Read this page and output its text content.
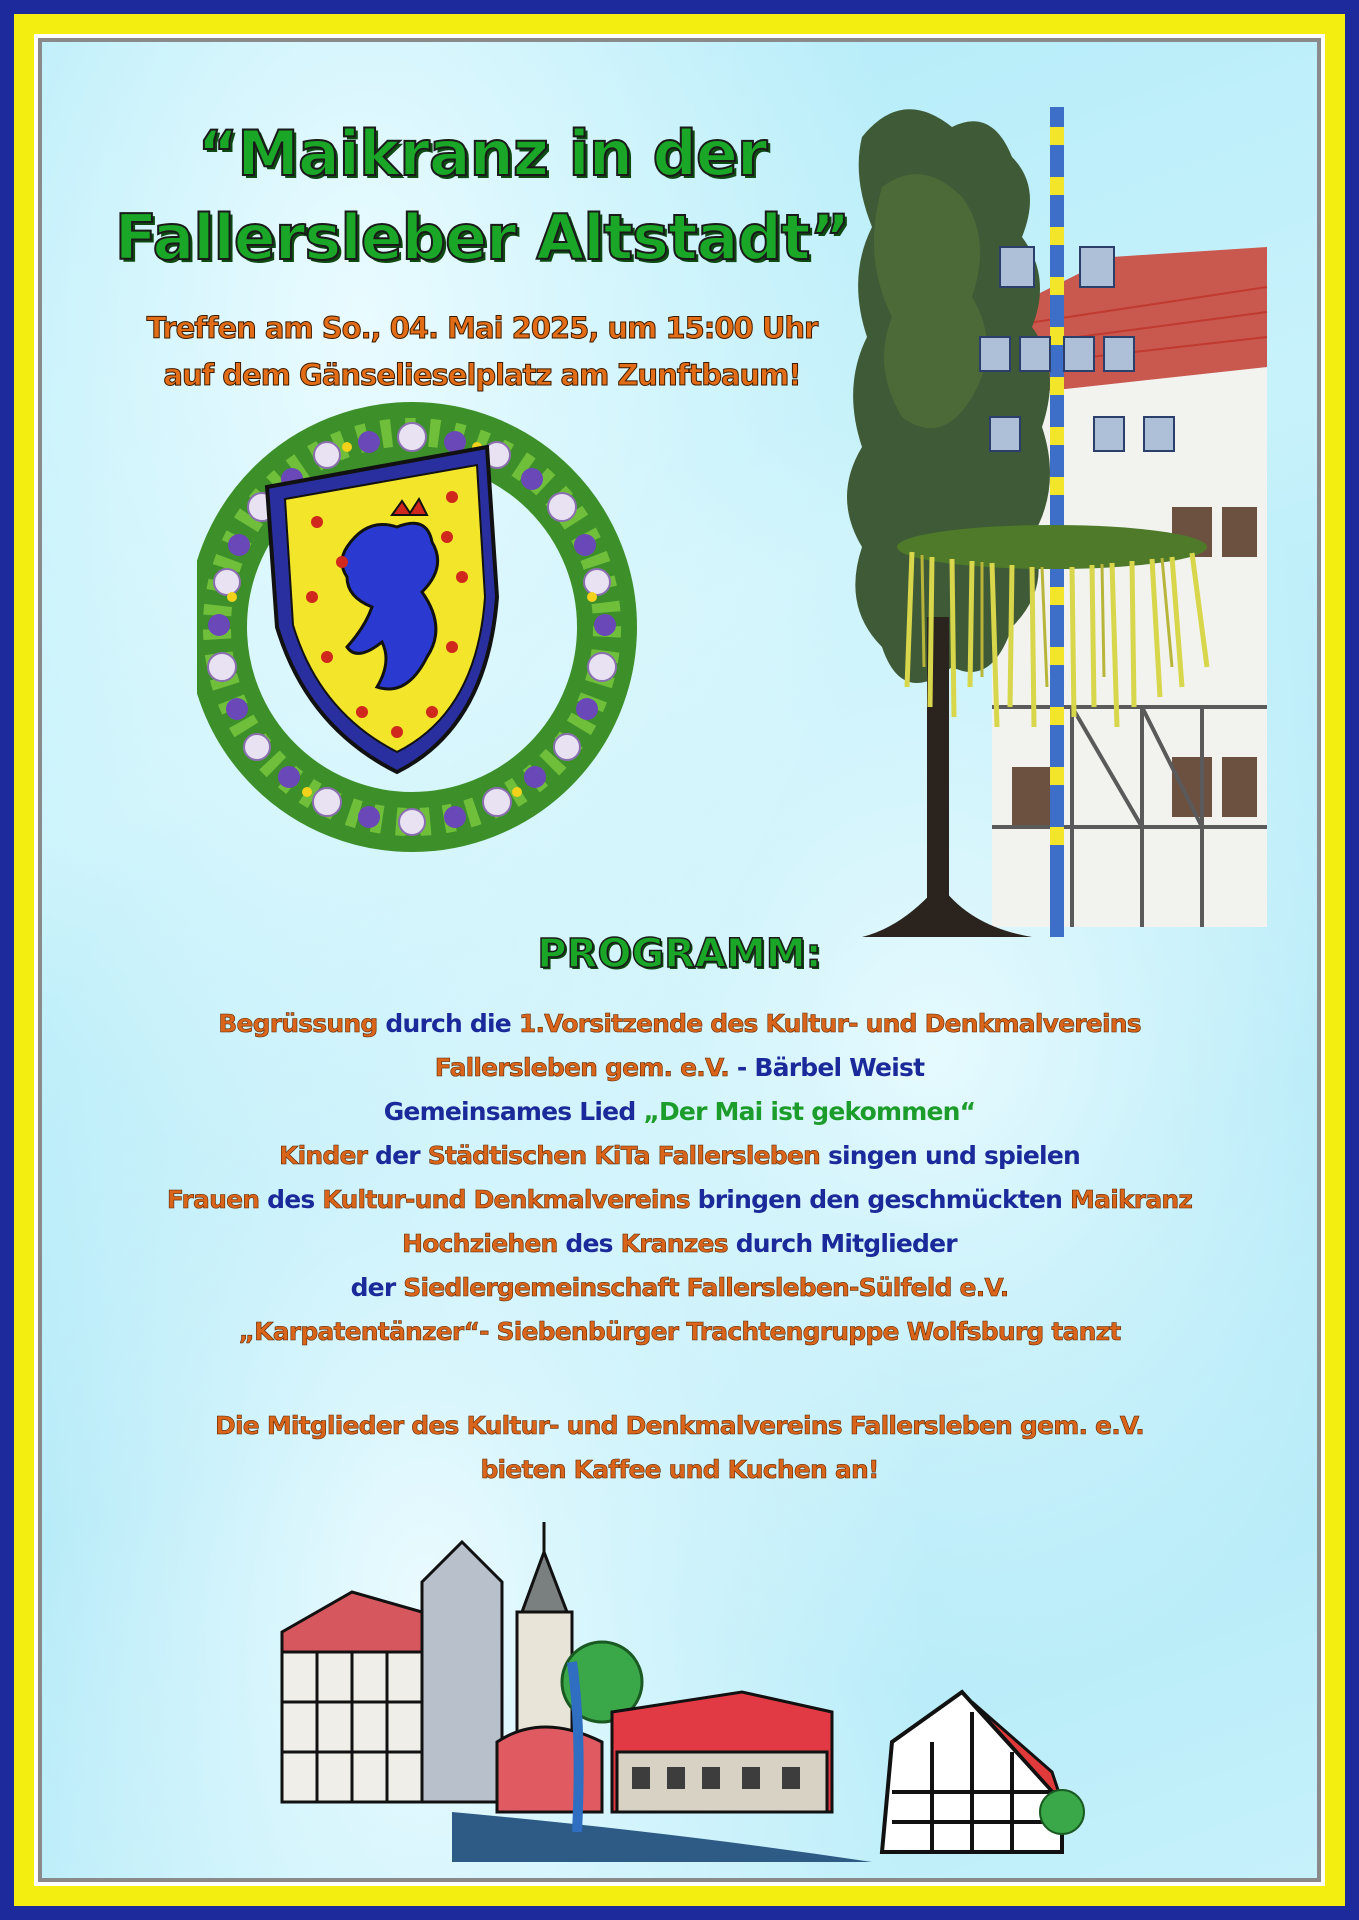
“Maikranz in der
Fallersleber Altstadt”
Treffen am So., 04. Mai 2025, um 15:00 Uhr
auf dem Gänselieselplatz am Zunftbaum!
PROGRAMM:
Begrüssung durch die 1.Vorsitzende des Kultur- und Denkmalvereins
Fallersleben gem. e.V. - Bärbel Weist
Gemeinsames Lied „Der Mai ist gekommen“
Kinder der Städtischen KiTa Fallersleben singen und spielen
Frauen des Kultur-und Denkmalvereins bringen den geschmückten Maikranz
Hochziehen des Kranzes durch Mitglieder
der Siedlergemeinschaft Fallersleben-Sülfeld e.V.
„Karpatentänzer“- Siebenbürger Trachtengruppe Wolfsburg tanzt
Die Mitglieder des Kultur- und Denkmalvereins Fallersleben gem. e.V.
bieten Kaffee und Kuchen an!
